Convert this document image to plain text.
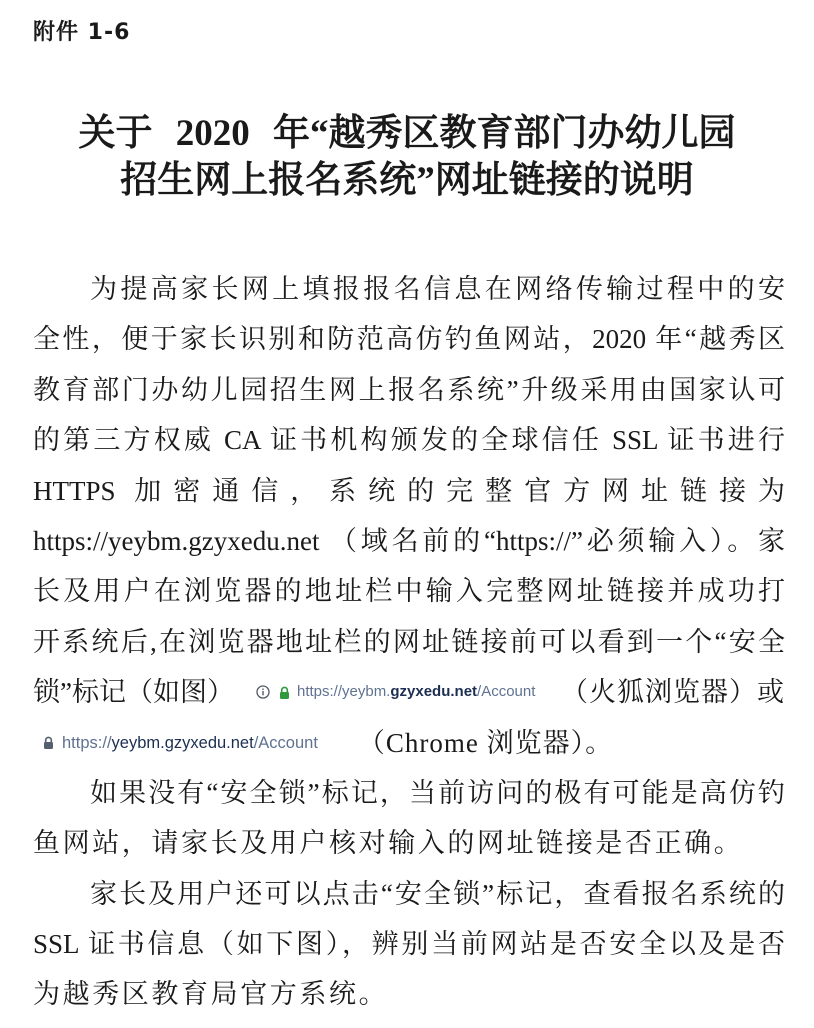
附件 1-6
关于 2020 年“越秀区教育部门办幼儿园
招生网上报名系统”网址链接的说明
为提高家长网上填报报名信息在网络传输过程中的安
全性，便于家长识别和防范高仿钓鱼网站，2020 年“越秀区
教育部门办幼儿园招生网上报名系统”升级采用由国家认可
的第三方权威 CA 证书机构颁发的全球信任 SSL 证书进行
HTTPS 加密通信，系统的完整官方网址链接为
https://yeybm.gzyxedu.net （域名前的“https://”必须输入）。家
长及用户在浏览器的地址栏中输入完整网址链接并成功打
开系统后,在浏览器地址栏的网址链接前可以看到一个“安全
锁”标记（如图）	https://yeybm.gzyxedu.net/Account （火狐浏览器）或
https://yeybm.gzyxedu.net/Account （Chrome 浏览器）。
如果没有“安全锁”标记，当前访问的极有可能是高仿钓
鱼网站，请家长及用户核对输入的网址链接是否正确。
家长及用户还可以点击“安全锁”标记，查看报名系统的
SSL 证书信息（如下图），辨别当前网站是否安全以及是否
为越秀区教育局官方系统。
